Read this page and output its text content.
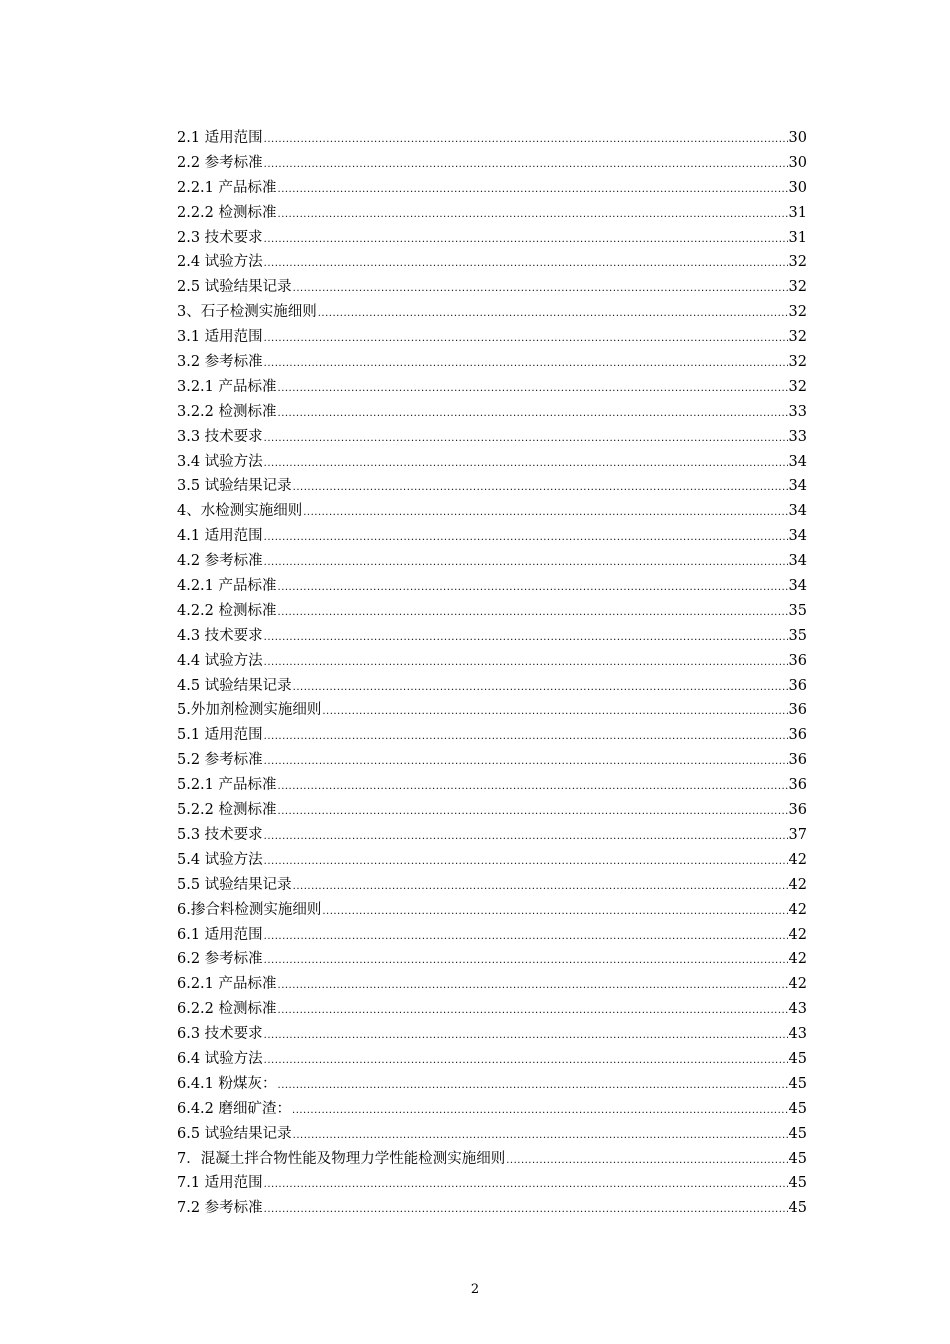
2.1 适用范围 .....	30
2.2 参考标准 .....	30
2.2.1 产品标准 .....	30
2.2.2 检测标准 .....	31
2.3 技术要求 .....	31
2.4 试验方法 .....	32
2.5 试验结果记录 .....	32
3、石子检测实施细则 .....	32
3.1 适用范围 .....	32
3.2 参考标准 .....	32
3.2.1 产品标准 .....	32
3.2.2 检测标准 .....	33
3.3 技术要求 .....	33
3.4 试验方法 .....	34
3.5 试验结果记录 .....	34
4、水检测实施细则 .....	34
4.1 适用范围 .....	34
4.2 参考标准 .....	34
4.2.1 产品标准 .....	34
4.2.2 检测标准 .....	35
4.3 技术要求 .....	35
4.4 试验方法 .....	36
4.5 试验结果记录 .....	36
5.外加剂检测实施细则 .....	36
5.1 适用范围 .....	36
5.2 参考标准 .....	36
5.2.1 产品标准 .....	36
5.2.2 检测标准 .....	36
5.3 技术要求 .....	37
5.4 试验方法 .....	42
5.5 试验结果记录 .....	42
6.掺合料检测实施细则 .....	42
6.1 适用范围 .....	42
6.2 参考标准 .....	42
6.2.1 产品标准 .....	42
6.2.2 检测标准 .....	43
6.3 技术要求 .....	43
6.4 试验方法 .....	45
6.4.1 粉煤灰： .....	45
6.4.2 磨细矿渣： .....	45
6.5 试验结果记录 .....	45
7．混凝土拌合物性能及物理力学性能检测实施细则 .....	45
7.1 适用范围 .....	45
7.2 参考标准 .....	45
2
